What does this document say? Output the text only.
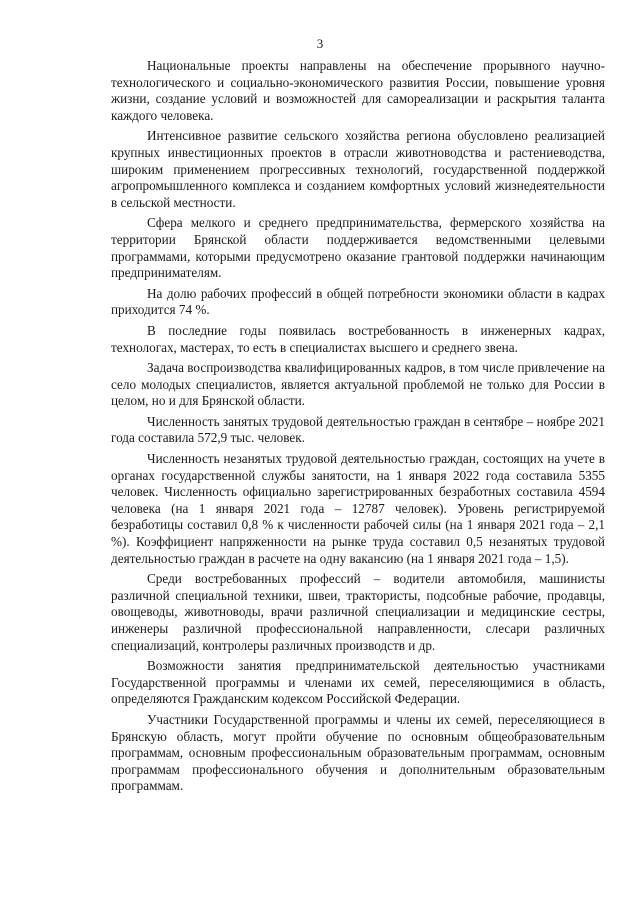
3

Национальные проекты направлены на обеспечение прорывного научно-технологического и социально-экономического развития России, повышение уровня жизни, создание условий и возможностей для самореализации и раскрытия таланта каждого человека.

Интенсивное развитие сельского хозяйства региона обусловлено реализацией крупных инвестиционных проектов в отрасли животноводства и растениеводства, широким применением прогрессивных технологий, государственной поддержкой агропромышленного комплекса и созданием комфортных условий жизнедеятельности в сельской местности.

Сфера мелкого и среднего предпринимательства, фермерского хозяйства на территории Брянской области поддерживается ведомственными целевыми программами, которыми предусмотрено оказание грантовой поддержки начинающим предпринимателям.

На долю рабочих профессий в общей потребности экономики области в кадрах приходится 74 %.

В последние годы появилась востребованность в инженерных кадрах, технологах, мастерах, то есть в специалистах высшего и среднего звена.

Задача воспроизводства квалифицированных кадров, в том числе привлечение на село молодых специалистов, является актуальной проблемой не только для России в целом, но и для Брянской области.

Численность занятых трудовой деятельностью граждан в сентябре – ноябре 2021 года составила 572,9 тыс. человек.

Численность незанятых трудовой деятельностью граждан, состоящих на учете в органах государственной службы занятости, на 1 января 2022 года составила 5355 человек. Численность официально зарегистрированных безработных составила 4594 человека (на 1 января 2021 года – 12787 человек). Уровень регистрируемой безработицы составил 0,8 % к численности рабочей силы (на 1 января 2021 года – 2,1 %). Коэффициент напряженности на рынке труда составил 0,5 незанятых трудовой деятельностью граждан в расчете на одну вакансию (на 1 января 2021 года – 1,5).

Среди востребованных профессий – водители автомобиля, машинисты различной специальной техники, швеи, трактористы, подсобные рабочие, продавцы, овощеводы, животноводы, врачи различной специализации и медицинские сестры, инженеры различной профессиональной направленности, слесари различных специализаций, контролеры различных производств и др.

Возможности занятия предпринимательской деятельностью участниками Государственной программы и членами их семей, переселяющимися в область, определяются Гражданским кодексом Российской Федерации.

Участники Государственной программы и члены их семей, переселяющиеся в Брянскую область, могут пройти обучение по основным общеобразовательным программам, основным профессиональным образовательным программам, основным программам профессионального обучения и дополнительным образовательным программам.
